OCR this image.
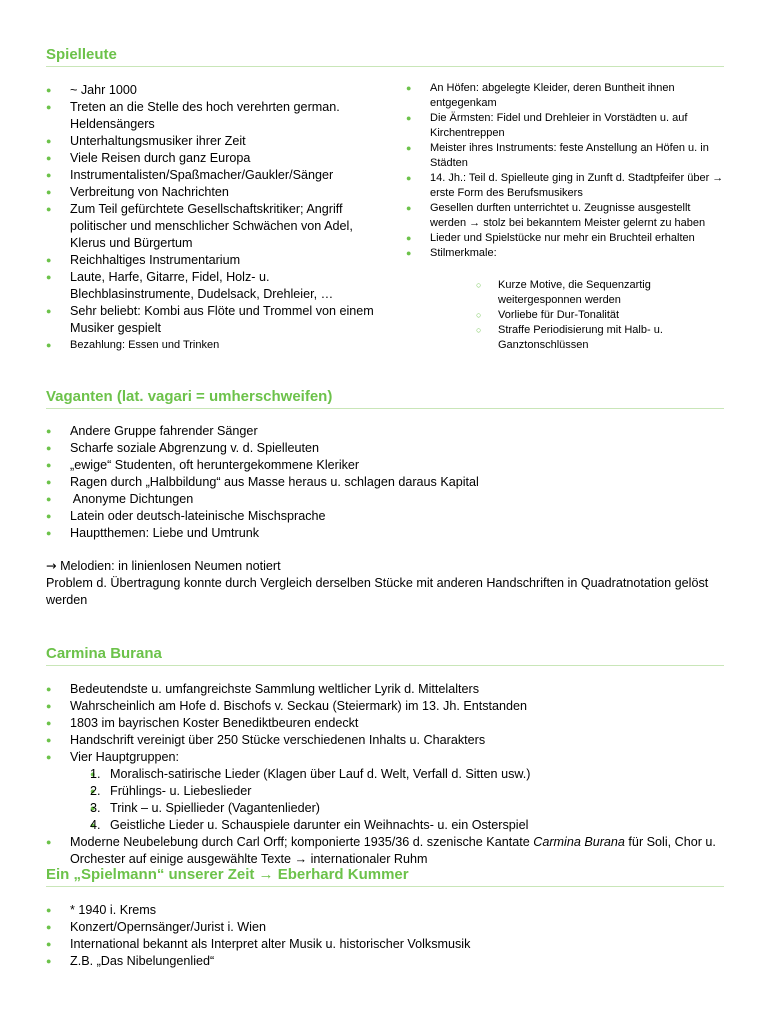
Spielleute
● ~ Jahr 1000
● Treten an die Stelle des hoch verehrten german. Heldensängers
● Unterhaltungsmusiker ihrer Zeit
● Viele Reisen durch ganz Europa
● Instrumentalisten/Spaßmacher/Gaukler/Sänger
● Verbreitung von Nachrichten
● Zum Teil gefürchtete Gesellschaftskritiker; Angriff politischer und menschlicher Schwächen von Adel, Klerus und Bürgertum
● Reichhaltiges Instrumentarium
● Laute, Harfe, Gitarre, Fidel, Holz- u. Blechblasinstrumente, Dudelsack, Drehleier, …
● Sehr beliebt: Kombi aus Flöte und Trommel von einem Musiker gespielt
● Bezahlung: Essen und Trinken
● An Höfen: abgelegte Kleider, deren Buntheit ihnen entgegenkam
● Die Ärmsten: Fidel und Drehleier in Vorstädten u. auf Kirchentreppen
● Meister ihres Instruments: feste Anstellung an Höfen u. in Städten
● 14. Jh.: Teil d. Spielleute ging in Zunft d. Stadtpfeifer über → erste Form des Berufsmusikers
● Gesellen durften unterrichtet u. Zeugnisse ausgestellt werden → stolz bei bekanntem Meister gelernt zu haben
● Lieder und Spielstücke nur mehr ein Bruchteil erhalten
● Stilmerkmale:
○ Kurze Motive, die Sequenzartig weitergesponnen werden
○ Vorliebe für Dur-Tonalität
○ Straffe Periodisierung mit Halb- u. Ganztonschlüssen
Vaganten (lat. vagari = umherschweifen)
● Andere Gruppe fahrender Sänger
● Scharfe soziale Abgrenzung v. d. Spielleuten
● „ewige“ Studenten, oft heruntergekommene Kleriker
● Ragen durch „Halbbildung“ aus Masse heraus u. schlagen daraus Kapital
●  Anonyme Dichtungen
● Latein oder deutsch-lateinische Mischsprache
● Hauptthemen: Liebe und Umtrunk
→ Melodien: in linienlosen Neumen notiert
Problem d. Übertragung konnte durch Vergleich derselben Stücke mit anderen Handschriften in Quadratnotation gelöst werden
Carmina Burana
● Bedeutendste u. umfangreichste Sammlung weltlicher Lyrik d. Mittelalters
● Wahrscheinlich am Hofe d. Bischofs v. Seckau (Steiermark) im 13. Jh. Entstanden
● 1803 im bayrischen Koster Benediktbeuren endeckt
● Handschrift vereinigt über 250 Stücke verschiedenen Inhalts u. Charakters
● Vier Hauptgruppen:
● 1. Moralisch-satirische Lieder (Klagen über Lauf d. Welt, Verfall d. Sitten usw.)
● 2. Frühlings- u. Liebeslieder
● 3. Trink – u. Spiellieder (Vagantenlieder)
● 4. Geistliche Lieder u. Schauspiele darunter ein Weihnachts- u. ein Osterspiel
● Moderne Neubelebung durch Carl Orff; komponierte 1935/36 d. szenische Kantate Carmina Burana für Soli, Chor u. Orchester auf einige ausgewählte Texte → internationaler Ruhm
Ein „Spielmann“ unserer Zeit → Eberhard Kummer
● * 1940 i. Krems
● Konzert/Opernsänger/Jurist i. Wien
● International bekannt als Interpret alter Musik u. historischer Volksmusik
● Z.B. „Das Nibelungenlied“
